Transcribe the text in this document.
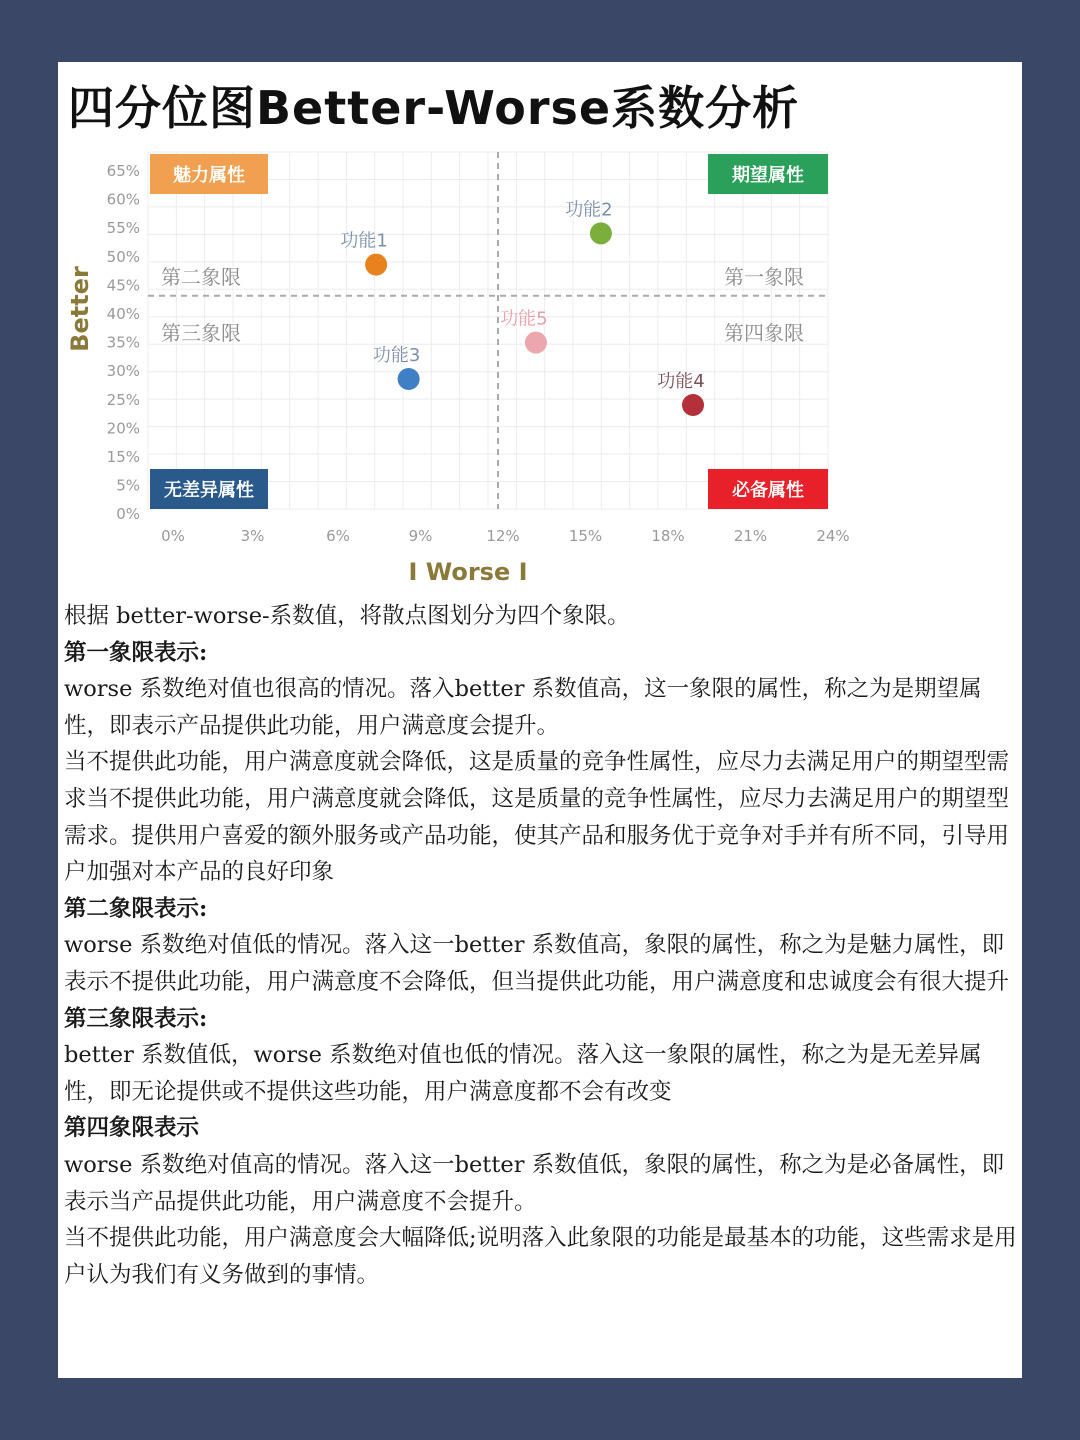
四分位图Better-Worse系数分析
魅力属性	期望属性
无差异属性	必备属性
第二象限	第一象限
第三象限	第四象限
0%	3%	6%	9%	12%	15%	18%	21%	24%
65%
60%
55%
50%
45%
40%
35%
30%
25%
20%
15%
5%
0%
功能1
功能2
功能3
功能4
功能5
I Worse I
Better

根据 better-worse-系数值，将散点图划分为四个象限。

第一象限表示:

worse 系数绝对值也很高的情况。落入better 系数值高，这一象限的属性，称之为是期望属性，即表示产品提供此功能，用户满意度会提升。

当不提供此功能，用户满意度就会降低，这是质量的竞争性属性，应尽力去满足用户的期望型需求当不提供此功能，用户满意度就会降低，这是质量的竞争性属性，应尽力去满足用户的期望型需求。提供用户喜爱的额外服务或产品功能，使其产品和服务优于竞争对手并有所不同，引导用户加强对本产品的良好印象

第二象限表示:

worse 系数绝对值低的情况。落入这一better 系数值高，象限的属性，称之为是魅力属性，即表示不提供此功能，用户满意度不会降低，但当提供此功能，用户满意度和忠诚度会有很大提升

第三象限表示:

better 系数值低，worse 系数绝对值也低的情况。落入这一象限的属性，称之为是无差异属性，即无论提供或不提供这些功能，用户满意度都不会有改变

第四象限表示

worse 系数绝对值高的情况。落入这一better 系数值低，象限的属性，称之为是必备属性，即表示当产品提供此功能，用户满意度不会提升。

当不提供此功能，用户满意度会大幅降低;说明落入此象限的功能是最基本的功能，这些需求是用户认为我们有义务做到的事情。
